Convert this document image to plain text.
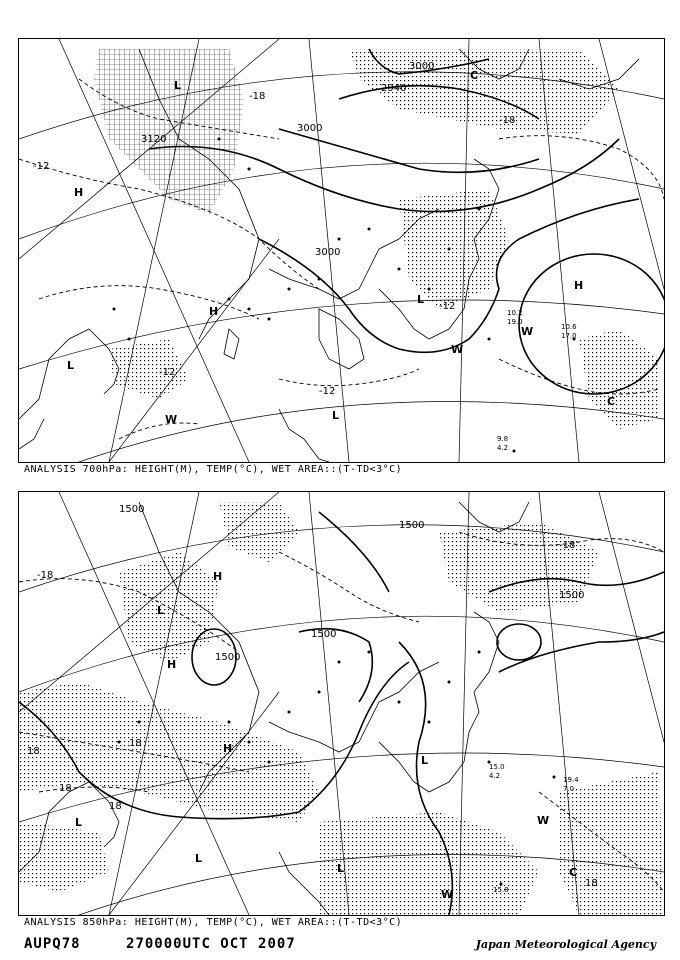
3120
3000
3000
2940
3000
-12
-18
-12
-12
-18
-12
L
L
H
H
H
L
L
C
W
W
W
C
10.2
19.0
10.6
17.0
9.8
4.2
ANALYSIS 700hPa: HEIGHT(M), TEMP(°C), WET AREA::(T-TD<3°C)
1500
1500
1500
1500
1500
-18
18
18
18
18
-18
18
H
H
H
L
L
L
L
L
W
W
C
15.0
4.2	19.4
7.0
15.8
ANALYSIS 850hPa: HEIGHT(M), TEMP(°C), WET AREA::(T-TD<3°C)
AUPQ78	270000UTC OCT 2007	Japan Meteorological Agency
